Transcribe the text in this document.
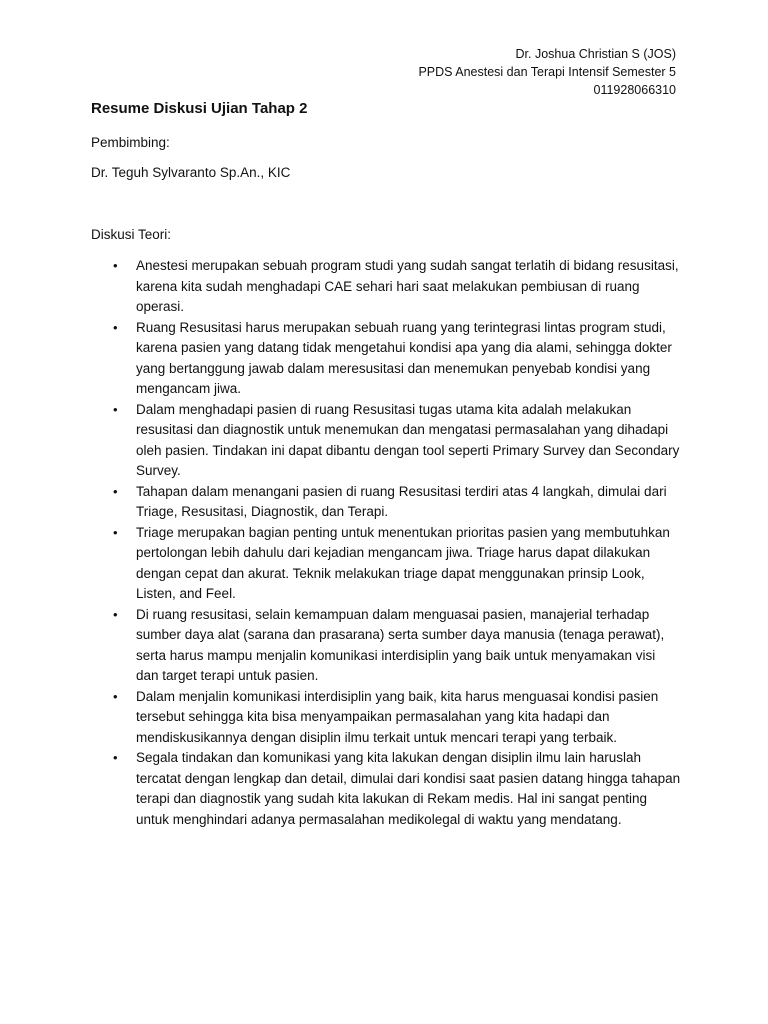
Dr. Joshua Christian S (JOS)
PPDS Anestesi dan Terapi Intensif Semester 5
011928066310
Resume Diskusi Ujian Tahap 2
Pembimbing:
Dr. Teguh Sylvaranto Sp.An., KIC
Diskusi Teori:
• Anestesi merupakan sebuah program studi yang sudah sangat terlatih di bidang resusitasi, karena kita sudah menghadapi CAE sehari hari saat melakukan pembiusan di ruang operasi.
• Ruang Resusitasi harus merupakan sebuah ruang yang terintegrasi lintas program studi, karena pasien yang datang tidak mengetahui kondisi apa yang dia alami, sehingga dokter yang bertanggung jawab dalam meresusitasi dan menemukan penyebab kondisi yang mengancam jiwa.
• Dalam menghadapi pasien di ruang Resusitasi tugas utama kita adalah melakukan resusitasi dan diagnostik untuk menemukan dan mengatasi permasalahan yang dihadapi oleh pasien. Tindakan ini dapat dibantu dengan tool seperti Primary Survey dan Secondary Survey.
• Tahapan dalam menangani pasien di ruang Resusitasi terdiri atas 4 langkah, dimulai dari Triage, Resusitasi, Diagnostik, dan Terapi.
• Triage merupakan bagian penting untuk menentukan prioritas pasien yang membutuhkan pertolongan lebih dahulu dari kejadian mengancam jiwa. Triage harus dapat dilakukan dengan cepat dan akurat. Teknik melakukan triage dapat menggunakan prinsip Look, Listen, and Feel.
• Di ruang resusitasi, selain kemampuan dalam menguasai pasien, manajerial terhadap sumber daya alat (sarana dan prasarana) serta sumber daya manusia (tenaga perawat), serta harus mampu menjalin komunikasi interdisiplin yang baik untuk menyamakan visi dan target terapi untuk pasien.
• Dalam menjalin komunikasi interdisiplin yang baik, kita harus menguasai kondisi pasien tersebut sehingga kita bisa menyampaikan permasalahan yang kita hadapi dan mendiskusikannya dengan disiplin ilmu terkait untuk mencari terapi yang terbaik.
• Segala tindakan dan komunikasi yang kita lakukan dengan disiplin ilmu lain haruslah tercatat dengan lengkap dan detail, dimulai dari kondisi saat pasien datang hingga tahapan terapi dan diagnostik yang sudah kita lakukan di Rekam medis. Hal ini sangat penting untuk menghindari adanya permasalahan medikolegal di waktu yang mendatang.
